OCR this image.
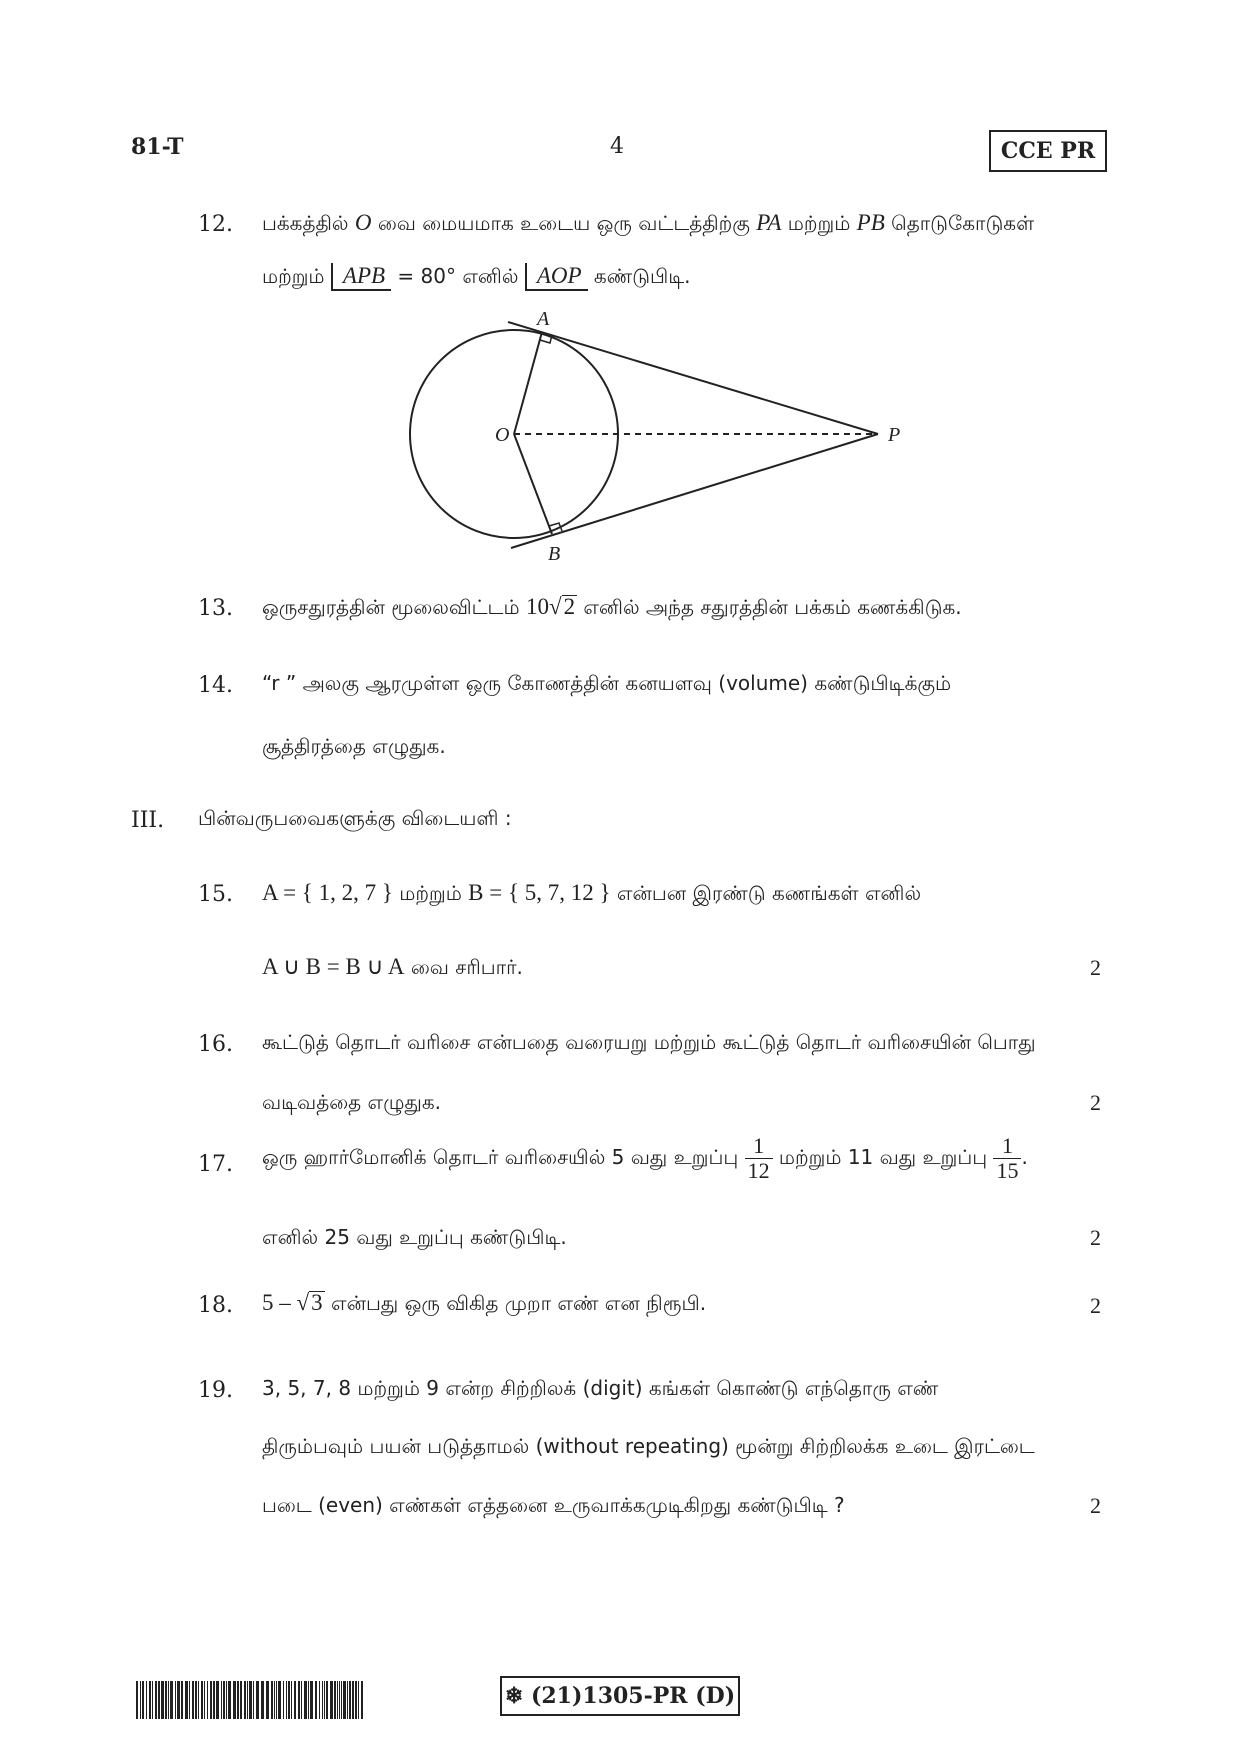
81-T	4	CCE PR
12. பக்கத்தில் O வை மையமாக உடைய ஒரு வட்டத்திற்கு PA மற்றும் PB தொடுகோடுகள்
மற்றும் APB = 80° எனில் AOP கண்டுபிடி.
A
O	P
B
13. ஒருசதுரத்தின் மூலைவிட்டம் 10√2 எனில் அந்த சதுரத்தின் பக்கம் கணக்கிடுக.
14. “r ” அலகு ஆரமுள்ள ஒரு கோணத்தின் கனயளவு (volume) கண்டுபிடிக்கும்
சூத்திரத்தை எழுதுக.
III. பின்வருபவைகளுக்கு விடையளி :
15. A = { 1, 2, 7 } மற்றும் B = { 5, 7, 12 } என்பன இரண்டு கணங்கள் எனில்
A ∪ B = B ∪ A வை சரிபார்.	2
16. கூட்டுத் தொடர் வரிசை என்பதை வரையறு மற்றும் கூட்டுத் தொடர் வரிசையின் பொது
வடிவத்தை எழுதுக.	2
17. ஒரு ஹார்மோனிக் தொடர் வரிசையில் 5 வது உறுப்பு $\frac{1}{12}$ மற்றும் 11 வது உறுப்பு $\frac{1}{15}$ .
எனில் 25 வது உறுப்பு கண்டுபிடி.	2
18. 5 – √3 என்பது ஒரு விகித முறா எண் என நிரூபி.	2
19. 3, 5, 7, 8 மற்றும் 9 என்ற சிற்றிலக் (digit) கங்கள் கொண்டு எந்தொரு எண்
திரும்பவும் பயன் படுத்தாமல் (without repeating) மூன்று சிற்றிலக்க உடை இரட்டை
படை (even) எண்கள் எத்தனை உருவாக்கமுடிகிறது கண்டுபிடி ?	2
❄ (21)1305-PR (D)
